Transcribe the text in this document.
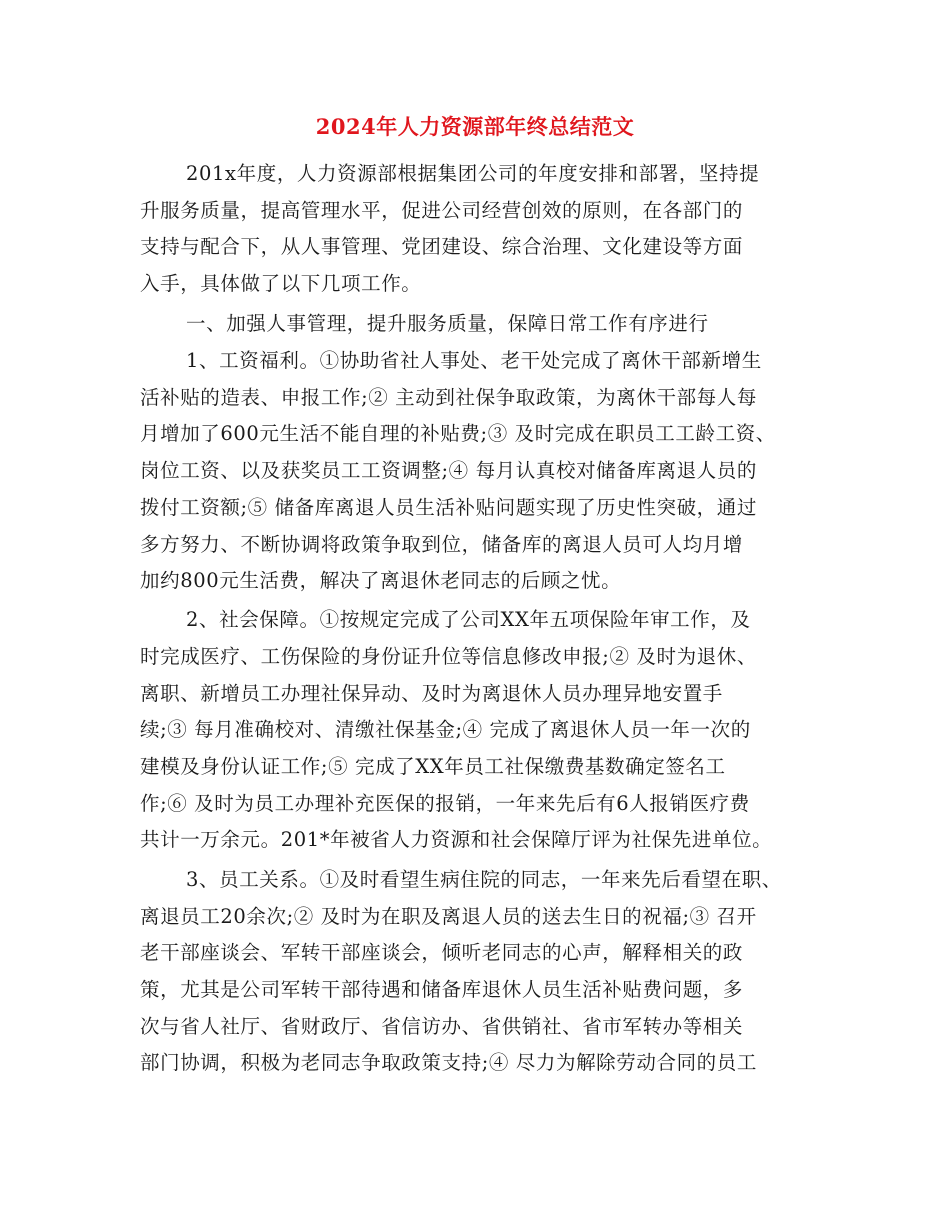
2024年人力资源部年终总结范文
201x年度，人力资源部根据集团公司的年度安排和部署，坚持提
升服务质量，提高管理水平，促进公司经营创效的原则，在各部门的
支持与配合下，从人事管理、党团建设、综合治理、文化建设等方面
入手，具体做了以下几项工作。
一、加强人事管理，提升服务质量，保障日常工作有序进行
1、工资福利。①协助省社人事处、老干处完成了离休干部新增生
活补贴的造表、申报工作;② 主动到社保争取政策，为离休干部每人每
月增加了600元生活不能自理的补贴费;③ 及时完成在职员工工龄工资、
岗位工资、以及获奖员工工资调整;④ 每月认真校对储备库离退人员的
拨付工资额;⑤ 储备库离退人员生活补贴问题实现了历史性突破，通过
多方努力、不断协调将政策争取到位，储备库的离退人员可人均月增
加约800元生活费，解决了离退休老同志的后顾之忧。
2、社会保障。①按规定完成了公司XX年五项保险年审工作，及
时完成医疗、工伤保险的身份证升位等信息修改申报;② 及时为退休、
离职、新增员工办理社保异动、及时为离退休人员办理异地安置手
续;③ 每月准确校对、清缴社保基金;④ 完成了离退休人员一年一次的
建模及身份认证工作;⑤ 完成了XX年员工社保缴费基数确定签名工
作;⑥ 及时为员工办理补充医保的报销，一年来先后有6人报销医疗费
共计一万余元。201*年被省人力资源和社会保障厅评为社保先进单位。
3、员工关系。①及时看望生病住院的同志，一年来先后看望在职、
离退员工20余次;② 及时为在职及离退人员的送去生日的祝福;③ 召开
老干部座谈会、军转干部座谈会，倾听老同志的心声，解释相关的政
策，尤其是公司军转干部待遇和储备库退休人员生活补贴费问题，多
次与省人社厅、省财政厅、省信访办、省供销社、省市军转办等相关
部门协调，积极为老同志争取政策支持;④ 尽力为解除劳动合同的员工
